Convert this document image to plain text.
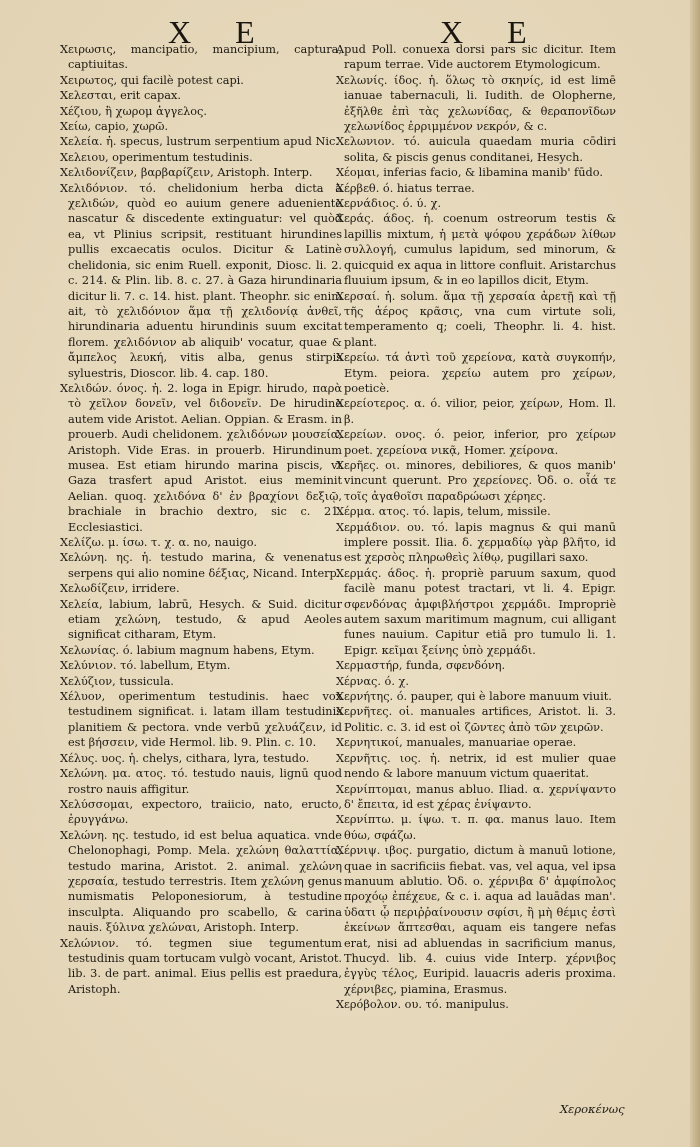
X E	X E
Χειρωσις, mancipatio, mancipium, captura, captiuitas.
Χειρωτος, qui facilè potest capi.
Χελεσται, erit capax.
Χέζιου, ἢ χωρομ ἀγγελος.
Χείω, capio, χωρῶ.
Χελεία. ἡ. specus, lustrum serpentium apud Nic.
Χελειου, operimentum testudinis.
Χελιδονίζειν, βαρβαρίζειν, Aristoph. Interp.
Χελιδόνιον. τό. chelidonium herba dicta à χελιδών, quòd eo auium genere adueniente nascatur & discedente extinguatur: vel quòd ea, vt Plinius scripsit, restituant hirundines pullis excaecatis oculos. Dicitur & Latinè chelidonia, sic enim Ruell. exponit, Diosc. li. 2. c. 214. & Plin. lib. 8. c. 27. à Gaza hirundinaria dicitur li. 7. c. 14. hist. plant. Theophr. sic enim ait, τὸ χελιδόνιον ἅμα τῇ χελιδονίᾳ ἀνθεῖ, hirundinaria aduentu hirundinis suum excitat florem. χελιδόνιον ab aliquib' vocatur, quae & ἄμπελος λευκή, vitis alba, genus stirpis syluestris, Dioscor. lib. 4. cap. 180.
Χελιδών. όνος. ἡ. 2. loga in Epigr. hirudo, παρὰ τὸ χεῖλον δονεῖν, vel διδονεῖν. De hirudine autem vide Aristot. Aelian. Oppian. & Erasm. in prouerb. Audi chelidonem. χελιδόνων μουσεία, Aristoph. Vide Eras. in prouerb. Hirundinum musea. Est etiam hirundo marina piscis, vt Gaza trasfert apud Aristot. eius meminit Aelian. quoq. χελιδόνα δ' ἐν βραχίονι δεξιῷ, brachiale in brachio dextro, sic c. 21. Ecclesiastici.
Χελίζω. μ. ίσω. τ. χ. α. no, nauigo.
Χελώνη. ης. ἡ. testudo marina, & venenatus serpens qui alio nomine δέξιας, Nicand. Interp.
Χελωδίζειν, irridere.
Χελεία, labium, labrū, Hesych. & Suid. dicitur etiam χελώνη, testudo, & apud Aeoles significat citharam, Etym.
Χελωνίας. ό. labium magnum habens, Etym.
Χελύνιον. τό. labellum, Etym.
Χελύζιον, tussicula.
Χέλυον, operimentum testudinis. haec vox testudinem significat. i. latam illam testudinis planitiem & pectora. vnde verbū χελυάζειν, id est βήσσειν, vide Hermol. lib. 9. Plin. c. 10.
Χέλυς. υος. ἡ. chelys, cithara, lyra, testudo.
Χελώνη. μα. ατος. τό. testudo nauis, lignū quod rostro nauis affigitur.
Χελύσσομαι, expectoro, traiicio, nato, eructo, ἐρυγγάνω.
Χελώνη. ης. testudo, id est belua aquatica. vnde Chelonophagi, Pomp. Mela. χελώνη θαλαττία, testudo marina, Aristot. 2. animal. χελώνη χερσαία, testudo terrestris. Item χελώνη genus numismatis Peloponesiorum, à testudine insculpta. Aliquando pro scabello, & carina nauis. ξύλινα χελώναι, Aristoph. Interp.
Χελώνιον. τό. tegmen siue tegumentum testudinis quam tortucam vulgò vocant, Aristot. lib. 3. de part. animal. Eius pellis est praedura, Aristoph.
Apud Poll. conuexa dorsi pars sic dicitur. Item rapum terrae. Vide auctorem Etymologicum.
Χελωνίς. ίδος. ἡ. ὅλως τὸ σκηνίς, id est limē ianuae tabernaculi, li. Iudith. de Olopherne, ἐξῆλθε ἐπὶ τὰς χελωνίδας, & θεραπονῖδων χελωνίδος ἐρριμμένον νεκρόν, & c.
Χελωνιον. τό. auicula quaedam muria cōdiri solita, & piscis genus conditanei, Hesych.
Χέομαι, inferias facio, & libamina manib' fūdo.
Χέρβεθ. ό. hiatus terrae.
Χερνάδιος. ό. ύ. χ.
Χεράς. άδος. ἡ. coenum ostreorum testis & lapillis mixtum, ἡ μετὰ ψόφου χεράδων λίθων συλλογή, cumulus lapidum, sed minorum, & quicquid ex aqua in littore confluit. Aristarchus fluuium ipsum, & in eo lapillos dicit, Etym.
Χερσαί. ἡ. solum. ἅμα τῇ χερσαία ἀρετῇ καὶ τῇ τῆς ἀέρος κρᾶσις, vna cum virtute soli, temperamento q; coeli, Theophr. li. 4. hist. plant.
Χερείω. τά ἀντὶ τοῦ χερείονα, κατὰ συγκοπήν, Etym. peiora. χερείω autem pro χείρων, poeticè.
Χερείοτερος. α. ό. vilior, peior, χείρων, Hom. Il. β.
Χερείων. ονος. ό. peior, inferior, pro χείρων poet. χερείονα νικᾷ, Homer. χείρονα.
Χερῆες. οι. minores, debiliores, & quos manib' vincunt querunt. Pro χερείονες. Ὀδ. ο. οἷά τε τοῖς ἀγαθοῖσι παραδρώωσι χέρηες.
Χέρμα. ατος. τό. lapis, telum, missile.
Χερμάδιον. ου. τό. lapis magnus & qui manū implere possit. Ilia. δ. χερμαδίῳ γὰρ βλῆτο, id est χερσὸς πληρωθεὶς λίθῳ, pugillari saxo.
Χερμάς. άδος. ἡ. propriè paruum saxum, quod facilè manu potest tractari, vt li. 4. Epigr. σφενδόνας ἀμφιβλήστροι χερμάδι. Impropriè autem saxum maritimum magnum, cui alligant funes nauium. Capitur etiā pro tumulo li. 1. Epigr. κεῖμαι ξείνης ὑπὸ χερμάδι.
Χερμαστήρ, funda, σφενδόνη.
Χέρνας. ό. χ.
Χερνήτης. ό. pauper, qui è labore manuum viuit.
Χερνῆτες. οἱ. manuales artifices, Aristot. li. 3. Politic. c. 3. id est οἱ ζῶντες ἀπὸ τῶν χειρῶν.
Χερνητικοί, manuales, manuariae operae.
Χερνῆτις. ιος. ἡ. netrix, id est mulier quae nendo & labore manuum victum quaeritat.
Χερνίπτομαι, manus abluo. Iliad. α. χερνίψαντο δ' ἔπειτα, id est χέρας ἐνίψαντο.
Χερνίπτω. μ. ίψω. τ. π. φα. manus lauo. Item θύω, σφάζω.
Χέρνιψ. ιβος. purgatio, dictum à manuū lotione, quae in sacrificiis fiebat. vas, vel aqua, vel ipsa manuum ablutio. Ὀδ. ο. χέρνιβα δ' ἀμφίπολος προχόῳ ἐπέχευε, & c. i. aqua ad lauādas man'. ὑδατι ᾧ περιῤῥαίνουσιν σφίσι, ἢ μὴ θέμις ἐστὶ ἐκείνων ἅπτεσθαι, aquam eis tangere nefas erat, nisi ad abluendas in sacrificium manus, Thucyd. lib. 4. cuius vide Interp. χέρνιβος ἐγγὺς τέλος, Euripid. lauacris aderis proxima. χέρνιβες, piamina, Erasmus.
Χερόβολον. ου. τό. manipulus.
Χεροκένως
